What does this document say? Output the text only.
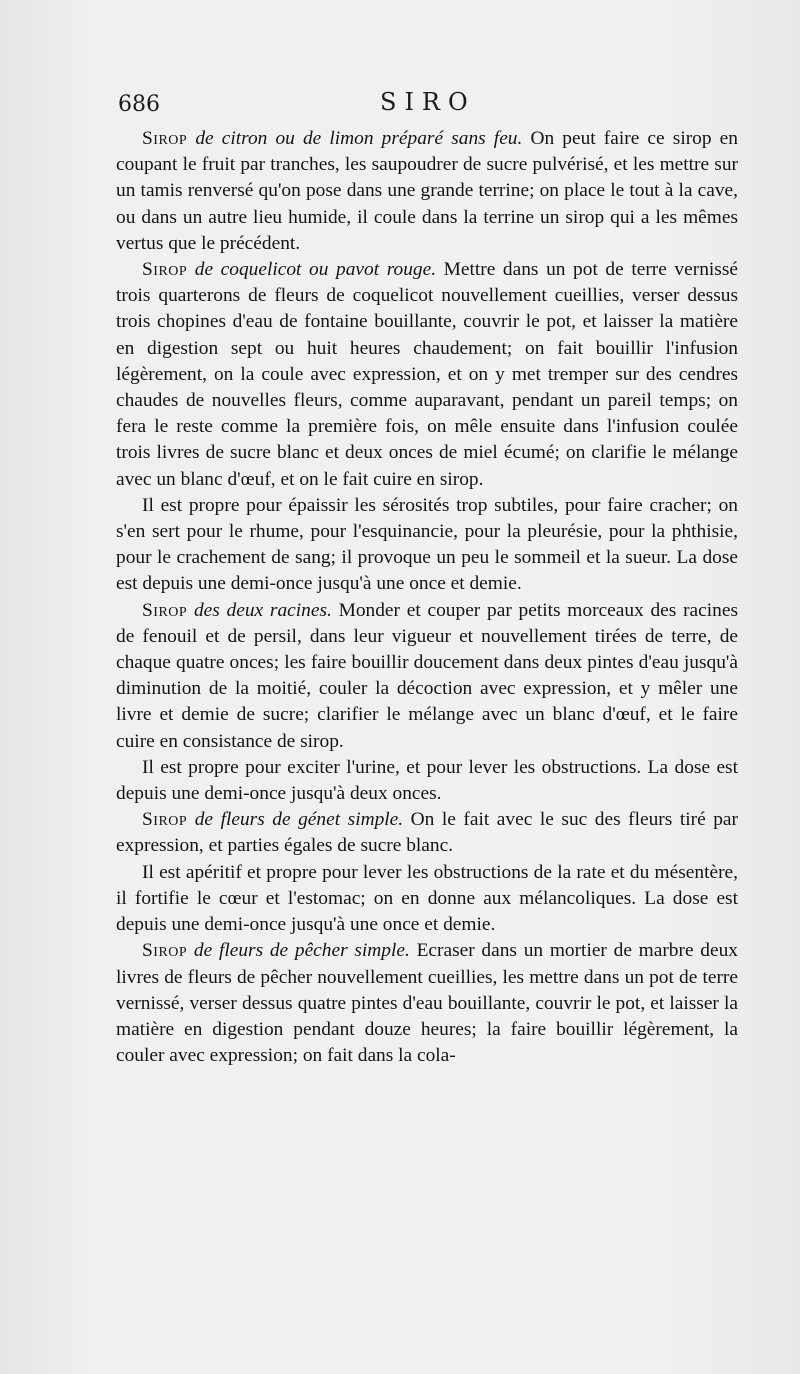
686	SIRO

Sirop de citron ou de limon préparé sans feu. On peut faire ce sirop en coupant le fruit par tranches, les saupoudrer de sucre pulvérisé, et les mettre sur un tamis renversé qu'on pose dans une grande terrine; on place le tout à la cave, ou dans un autre lieu humide, il coule dans la terrine un sirop qui a les mêmes vertus que le précédent.

Sirop de coquelicot ou pavot rouge. Mettre dans un pot de terre vernissé trois quarterons de fleurs de coquelicot nouvellement cueillies, verser dessus trois chopines d'eau de fontaine bouillante, couvrir le pot, et laisser la matière en digestion sept ou huit heures chaudement; on fait bouillir l'infusion légèrement, on la coule avec expression, et on y met tremper sur des cendres chaudes de nouvelles fleurs, comme auparavant, pendant un pareil temps; on fera le reste comme la première fois, on mêle ensuite dans l'infusion coulée trois livres de sucre blanc et deux onces de miel écumé; on clarifie le mélange avec un blanc d'œuf, et on le fait cuire en sirop.

Il est propre pour épaissir les sérosités trop subtiles, pour faire cracher; on s'en sert pour le rhume, pour l'esquinancie, pour la pleurésie, pour la phthisie, pour le crachement de sang; il provoque un peu le sommeil et la sueur. La dose est depuis une demi-once jusqu'à une once et demie.

Sirop des deux racines. Monder et couper par petits morceaux des racines de fenouil et de persil, dans leur vigueur et nouvellement tirées de terre, de chaque quatre onces; les faire bouillir doucement dans deux pintes d'eau jusqu'à diminution de la moitié, couler la décoction avec expression, et y mêler une livre et demie de sucre; clarifier le mélange avec un blanc d'œuf, et le faire cuire en consistance de sirop.

Il est propre pour exciter l'urine, et pour lever les obstructions. La dose est depuis une demi-once jusqu'à deux onces.

Sirop de fleurs de génet simple. On le fait avec le suc des fleurs tiré par expression, et parties égales de sucre blanc.

Il est apéritif et propre pour lever les obstructions de la rate et du mésentère, il fortifie le cœur et l'estomac; on en donne aux mélancoliques. La dose est depuis une demi-once jusqu'à une once et demie.

Sirop de fleurs de pêcher simple. Ecraser dans un mortier de marbre deux livres de fleurs de pêcher nouvellement cueillies, les mettre dans un pot de terre vernissé, verser dessus quatre pintes d'eau bouillante, couvrir le pot, et laisser la matière en digestion pendant douze heures; la faire bouillir légèrement, la couler avec expression; on fait dans la cola-
